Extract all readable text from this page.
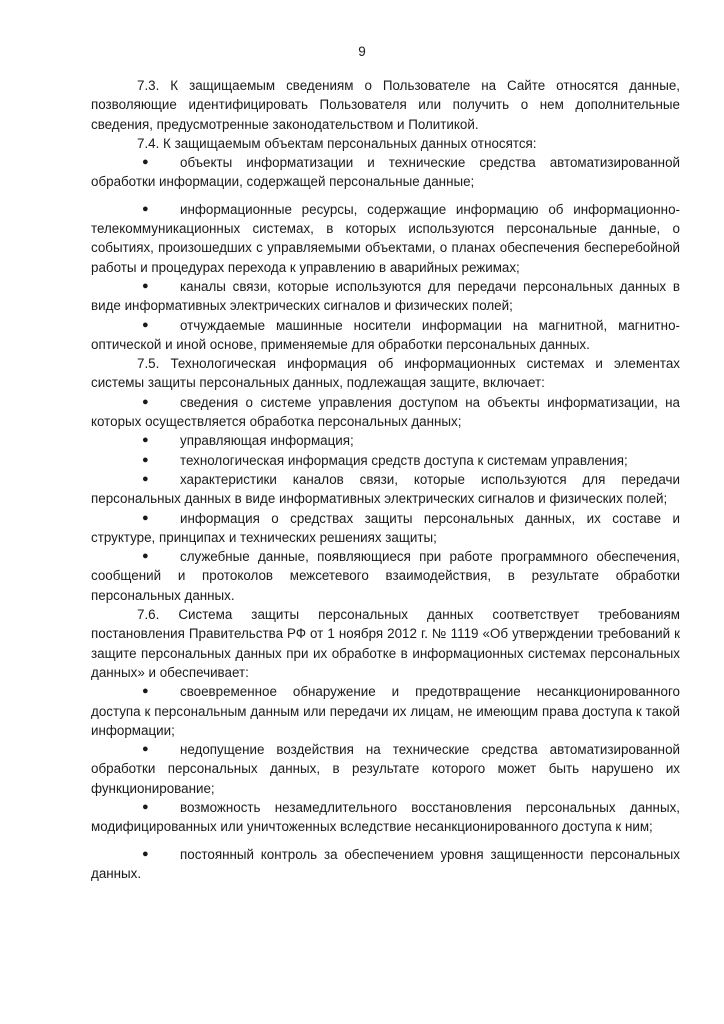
9

7.3. К защищаемым сведениям о Пользователе на Сайте относятся данные, позволяющие идентифицировать Пользователя или получить о нем дополнительные сведения, предусмотренные законодательством и Политикой.

7.4. К защищаемым объектам персональных данных относятся:

● объекты информатизации и технические средства автоматизированной обработки информации, содержащей персональные данные;

● информационные ресурсы, содержащие информацию об информационно-телекоммуникационных системах, в которых используются персональные данные, о событиях, произошедших с управляемыми объектами, о планах обеспечения бесперебойной работы и процедурах перехода к управлению в аварийных режимах;

● каналы связи, которые используются для передачи персональных данных в виде информативных электрических сигналов и физических полей;

● отчуждаемые машинные носители информации на магнитной, магнитно-оптической и иной основе, применяемые для обработки персональных данных.

7.5. Технологическая информация об информационных системах и элементах системы защиты персональных данных, подлежащая защите, включает:

● сведения о системе управления доступом на объекты информатизации, на которых осуществляется обработка персональных данных;

● управляющая информация;

● технологическая информация средств доступа к системам управления;

● характеристики каналов связи, которые используются для передачи персональных данных в виде информативных электрических сигналов и физических полей;

● информация о средствах защиты персональных данных, их составе и структуре, принципах и технических решениях защиты;

● служебные данные, появляющиеся при работе программного обеспечения, сообщений и протоколов межсетевого взаимодействия, в результате обработки персональных данных.

7.6. Система защиты персональных данных соответствует требованиям постановления Правительства РФ от 1 ноября 2012 г. № 1119 «Об утверждении требований к защите персональных данных при их обработке в информационных системах персональных данных» и обеспечивает:

● своевременное обнаружение и предотвращение несанкционированного доступа к персональным данным или передачи их лицам, не имеющим права доступа к такой информации;

● недопущение воздействия на технические средства автоматизированной обработки персональных данных, в результате которого может быть нарушено их функционирование;

● возможность незамедлительного восстановления персональных данных, модифицированных или уничтоженных вследствие несанкционированного доступа к ним;

● постоянный контроль за обеспечением уровня защищенности персональных данных.
